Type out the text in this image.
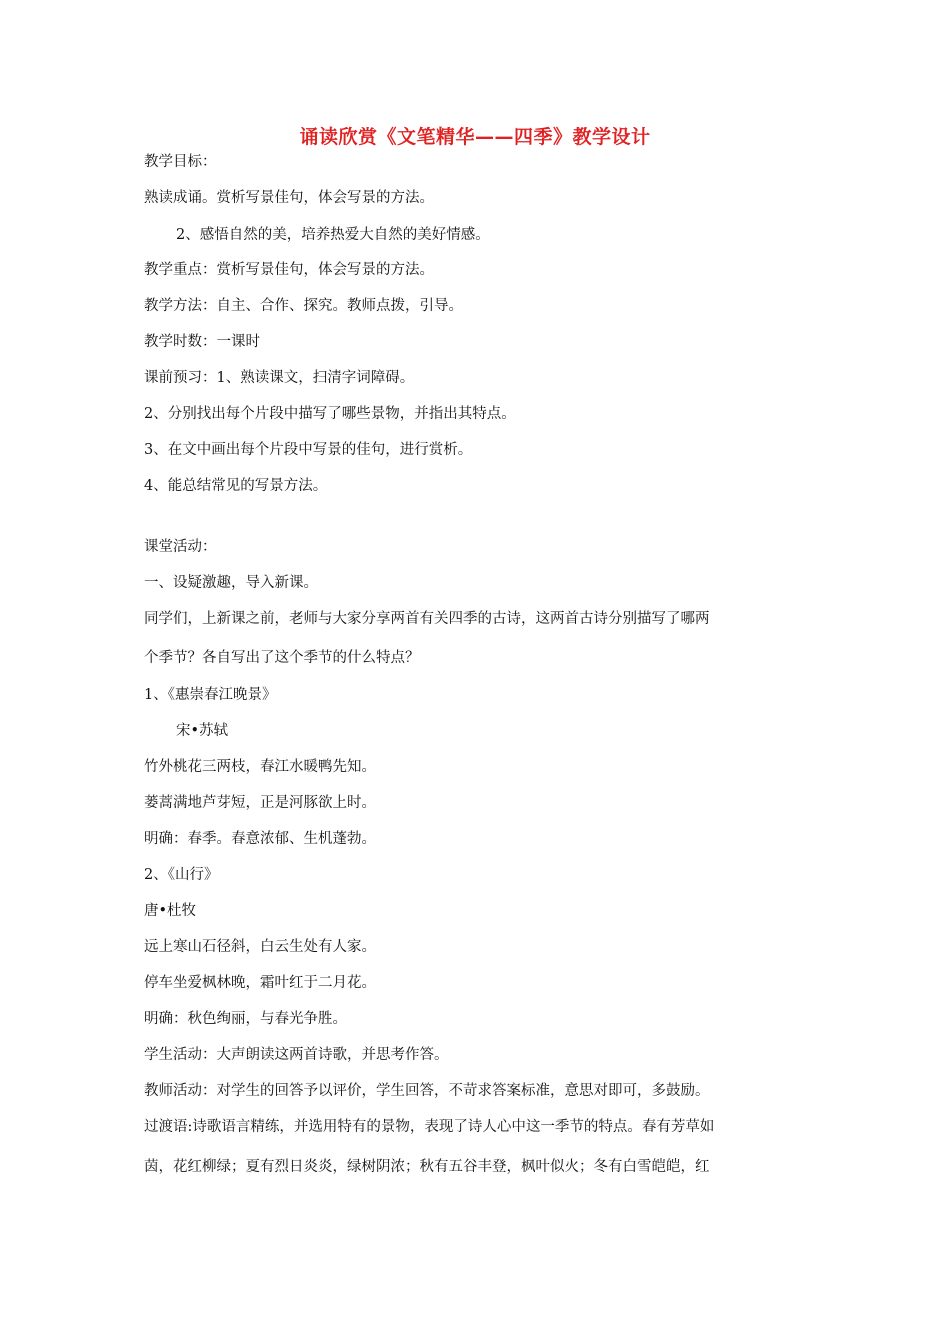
诵读欣赏《文笔精华——四季》教学设计
教学目标：
熟读成诵。赏析写景佳句，体会写景的方法。
2、感悟自然的美，培养热爱大自然的美好情感。
教学重点：赏析写景佳句，体会写景的方法。
教学方法：自主、合作、探究。教师点拨，引导。
教学时数：一课时
课前预习：1、熟读课文，扫清字词障碍。
2、分别找出每个片段中描写了哪些景物，并指出其特点。
3、在文中画出每个片段中写景的佳句，进行赏析。
4、能总结常见的写景方法。
课堂活动：
一、设疑激趣，导入新课。
同学们，上新课之前，老师与大家分享两首有关四季的古诗，这两首古诗分别描写了哪两
个季节？各自写出了这个季节的什么特点？
1、《惠崇春江晚景》
宋•苏轼
竹外桃花三两枝，春江水暖鸭先知。
蒌蒿满地芦芽短，正是河豚欲上时。
明确：春季。春意浓郁、生机蓬勃。
2、《山行》
唐•杜牧
远上寒山石径斜，白云生处有人家。
停车坐爱枫林晚，霜叶红于二月花。
明确：秋色绚丽，与春光争胜。
学生活动：大声朗读这两首诗歌，并思考作答。
教师活动：对学生的回答予以评价，学生回答，不苛求答案标准，意思对即可，多鼓励。
过渡语:诗歌语言精练，并选用特有的景物，表现了诗人心中这一季节的特点。春有芳草如
茵，花红柳绿；夏有烈日炎炎，绿树阴浓；秋有五谷丰登，枫叶似火；冬有白雪皑皑，红
